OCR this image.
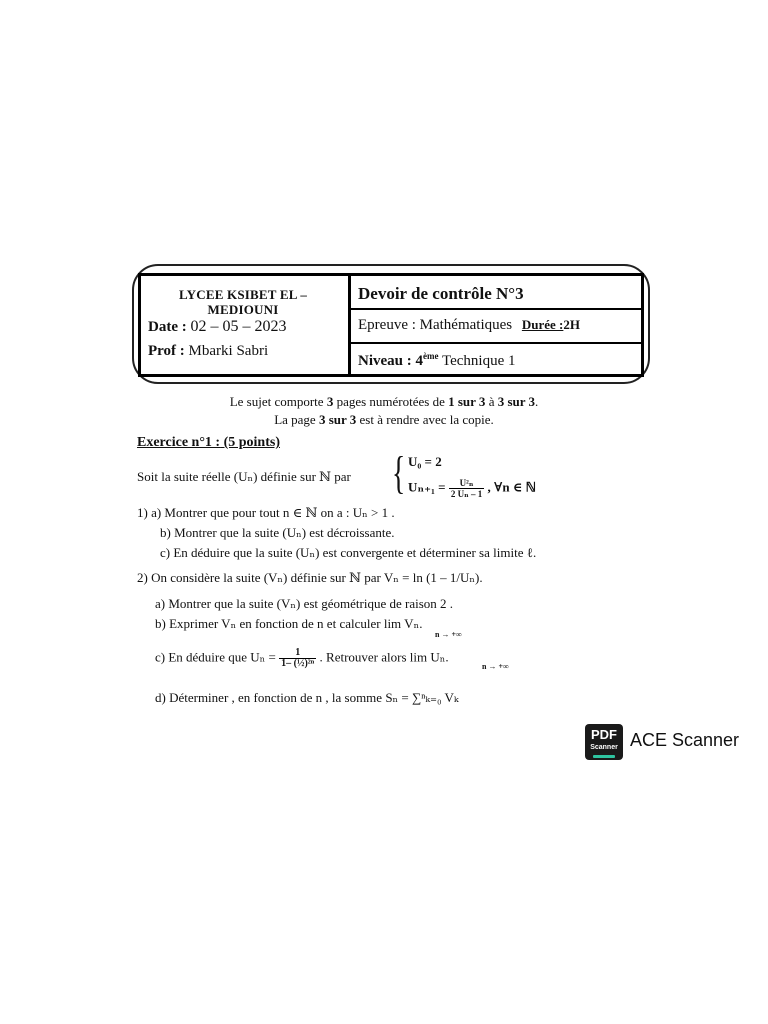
LYCEE KSIBET EL – MEDIOUNI
Date : 02 – 05 – 2023
Prof : Mbarki Sabri
Devoir de contrôle N°3
Epreuve : Mathématiques Durée :2H
Niveau : 4ème Technique 1
Le sujet comporte 3 pages numérotées de 1 sur 3 à 3 sur 3.
La page 3 sur 3 est à rendre avec la copie.
Exercice n°1 : (5 points)
Soit la suite réelle (Uₙ) définie sur ℕ par { U₀ = 2
$U_{n+1} = \frac{\text{U²ₙ}}{\text{2 Uₙ – 1}}$ , ∀n ∈ ℕ
1) a) Montrer que pour tout n ∈ ℕ on a : Uₙ > 1 .
b) Montrer que la suite (Uₙ) est décroissante.
c) En déduire que la suite (Uₙ) est convergente et déterminer sa limite ℓ.
2) On considère la suite (Vₙ) définie sur ℕ par Vₙ = ln (1 – 1/Uₙ).
a) Montrer que la suite (Vₙ) est géométrique de raison 2 .
b) Exprimer Vₙ en fonction de n et calculer lim Vₙ.
n → +∞
c) En déduire que $U_n = \frac{1}{\text{1– (½)²ⁿ}}$ . Retrouver alors lim Uₙ.
n → +∞
d) Déterminer , en fonction de n , la somme Sₙ = ∑ⁿₖ₌₀ Vₖ
PDF
Scanner ACE Scanner
